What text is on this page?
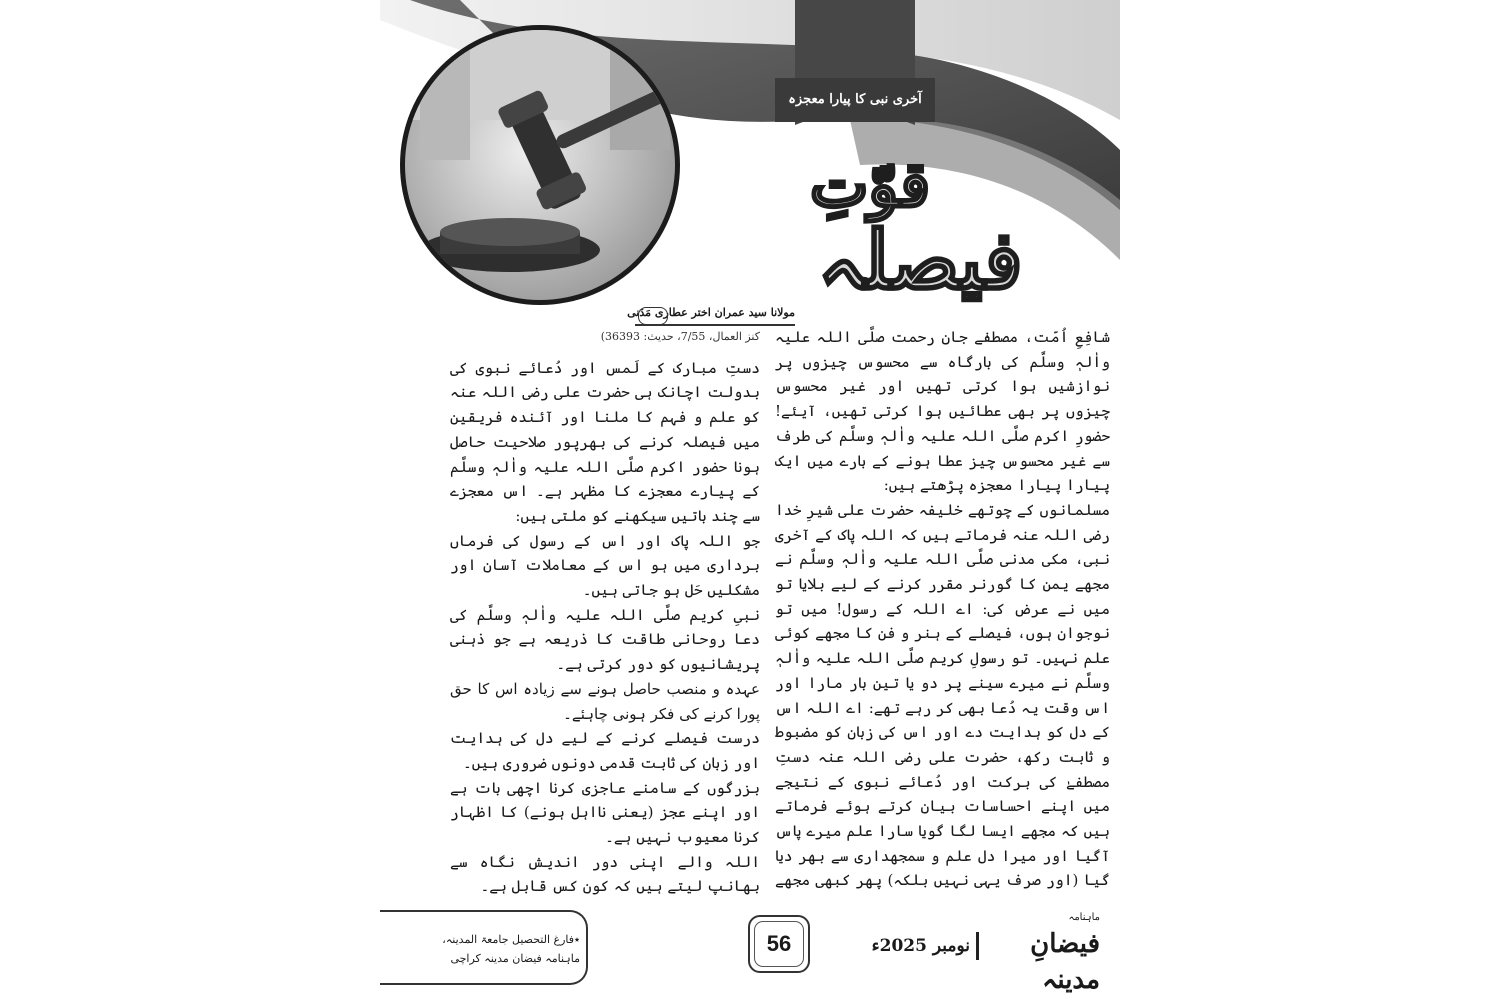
آخری نبی کا پیارا معجزہ
قوّتِ
فیصلہ
مولانا سید عمران اختر عطاری مَدَنی

شافِعِ اُمّت، مصطفٰے جانِ رحمت صلَّی اللہ علیہ واٰلہٖ وسلَّم کی بارگاہ سے محسوس چیزوں پر نوازشیں ہوا کرتی تھیں اور غیر محسوس چیزوں پر بھی عطائیں ہوا کرتی تھیں، آیئے! حضورِ اکرم صلَّی اللہ علیہ واٰلہٖ وسلَّم کی طرف سے غیر محسوس چیز عطا ہونے کے بارے میں ایک پیارا پیارا معجزہ پڑھتے ہیں:

مسلمانوں کے چوتھے خلیفہ حضرت علی شیرِ خدا رضی اللہ عنہ فرماتے ہیں کہ اللہ پاک کے آخری نبی، مکی مدنی صلَّی اللہ علیہ واٰلہٖ وسلَّم نے مجھے یمن کا گورنر مقرر کرنے کے لیے بلایا تو میں نے عرض کی: اے اللہ کے رسول! میں تو نوجوان ہوں، فیصلے کے ہنر و فن کا مجھے کوئی علم نہیں۔ تو رسولِ کریم صلَّی اللہ علیہ واٰلہٖ وسلَّم نے میرے سینے پر دو یا تین بار مارا اور اس وقت یہ دُعا بھی کر رہے تھے: اے اللہ اس کے دل کو ہدایت دے اور اس کی زبان کو مضبوط و ثابت رکھ، حضرت علی رضی اللہ عنہ دستِ مصطفےٰ کی برکت اور دُعائے نبوی کے نتیجے میں اپنے احساسات بیان کرتے ہوئے فرماتے ہیں کہ مجھے ایسا لگا گویا سارا علم میرے پاس آگیا اور میرا دل علم و سمجھداری سے بھر دیا گیا (اور صرف یہی نہیں بلکہ) پھر کبھی مجھے

کنز العمال، 7/55، حدیث: 36393)

دستِ مبارک کے لَمس اور دُعائے نبوی کی بدولت اچانک ہی حضرت علی رضی اللہ عنہ کو علم و فہم کا ملنا اور آئندہ فریقین میں فیصلہ کرنے کی بھرپور صلاحیت حاصل ہونا حضور اکرم صلَّی اللہ علیہ واٰلہٖ وسلَّم کے پیارے معجزے کا مظہر ہے۔ اس معجزے سے چند باتیں سیکھنے کو ملتی ہیں:

جو اللہ پاک اور اس کے رسول کی فرماں برداری میں ہو اس کے معاملات آسان اور مشکلیں حَل ہو جاتی ہیں۔

نبیِ کریم صلَّی اللہ علیہ واٰلہٖ وسلَّم کی دعا روحانی طاقت کا ذریعہ ہے جو ذہنی پریشانیوں کو دور کرتی ہے۔

عہدہ و منصب حاصل ہونے سے زیادہ اس کا حق پورا کرنے کی فکر ہونی چاہئے۔

درست فیصلے کرنے کے لیے دل کی ہدایت اور زبان کی ثابت قدمی دونوں ضروری ہیں۔

بزرگوں کے سامنے عاجزی کرنا اچھی بات ہے اور اپنے عجز (یعنی نااہل ہونے) کا اظہار کرنا معیوب نہیں ہے۔

اللہ والے اپنی دور اندیش نگاہ سے بھانپ لیتے ہیں کہ کون کس قابل ہے۔

٭فارغ التحصیل جامعۃ المدینہ، ماہنامہ فیضان مدینہ کراچی
56	نومبر 2025ء
ماہنامہ
فیضانِ مدینہ
